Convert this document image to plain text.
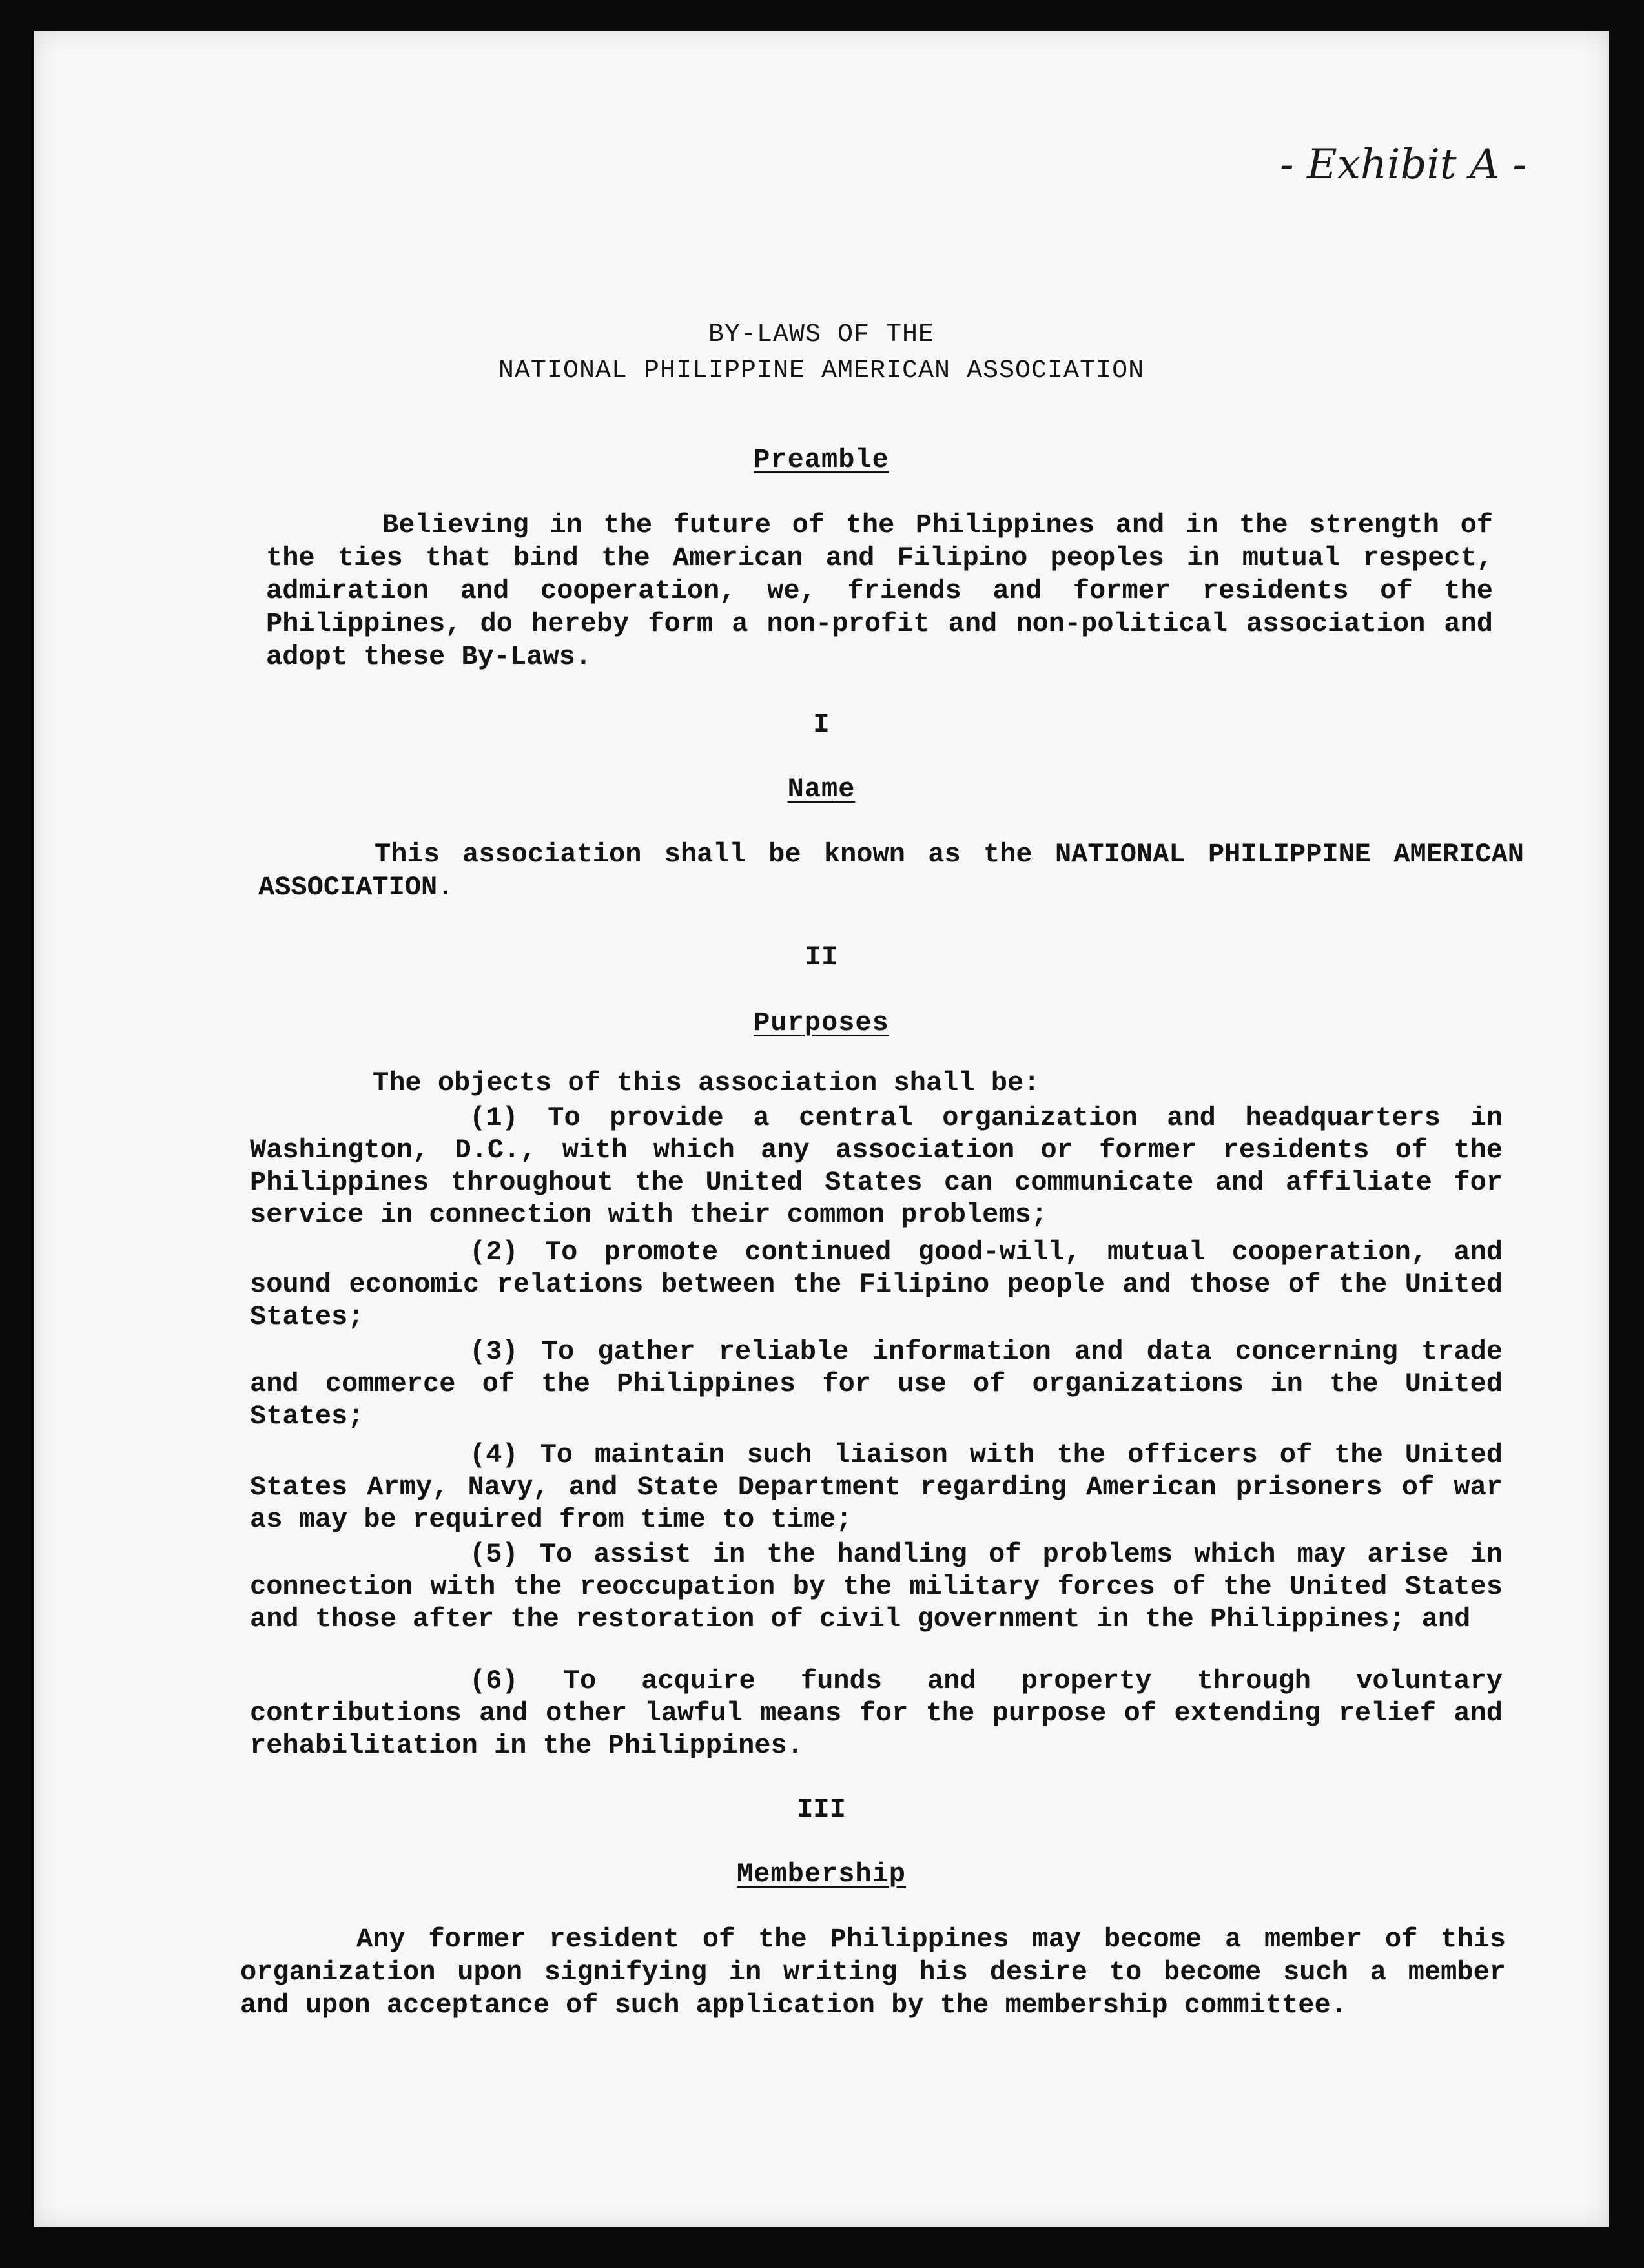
- Exhibit A -
BY-LAWS OF THE
NATIONAL PHILIPPINE AMERICAN ASSOCIATION
Preamble
Believing in the future of the Philippines and in the strength of the ties that bind the American and Filipino peoples in mutual respect, admiration and cooperation, we, friends and former residents of the Philippines, do hereby form a non-profit and non-political association and adopt these By-Laws.
I
Name
This association shall be known as the NATIONAL PHILIPPINE AMERICAN ASSOCIATION.
II
Purposes
The objects of this association shall be:
(1) To provide a central organization and headquarters in Washington, D.C., with which any association or former residents of the Philippines throughout the United States can communicate and affiliate for service in connection with their common problems;
(2) To promote continued good-will, mutual cooperation, and sound economic relations between the Filipino people and those of the United States;
(3) To gather reliable information and data concerning trade and commerce of the Philippines for use of organizations in the United States;
(4) To maintain such liaison with the officers of the United States Army, Navy, and State Department regarding American prisoners of war as may be required from time to time;
(5) To assist in the handling of problems which may arise in connection with the reoccupation by the military forces of the United States and those after the restoration of civil government in the Philippines; and
(6) To acquire funds and property through voluntary contributions and other lawful means for the purpose of extending relief and rehabilitation in the Philippines.
III
Membership
Any former resident of the Philippines may become a member of this organization upon signifying in writing his desire to become such a member and upon acceptance of such application by the membership committee.
